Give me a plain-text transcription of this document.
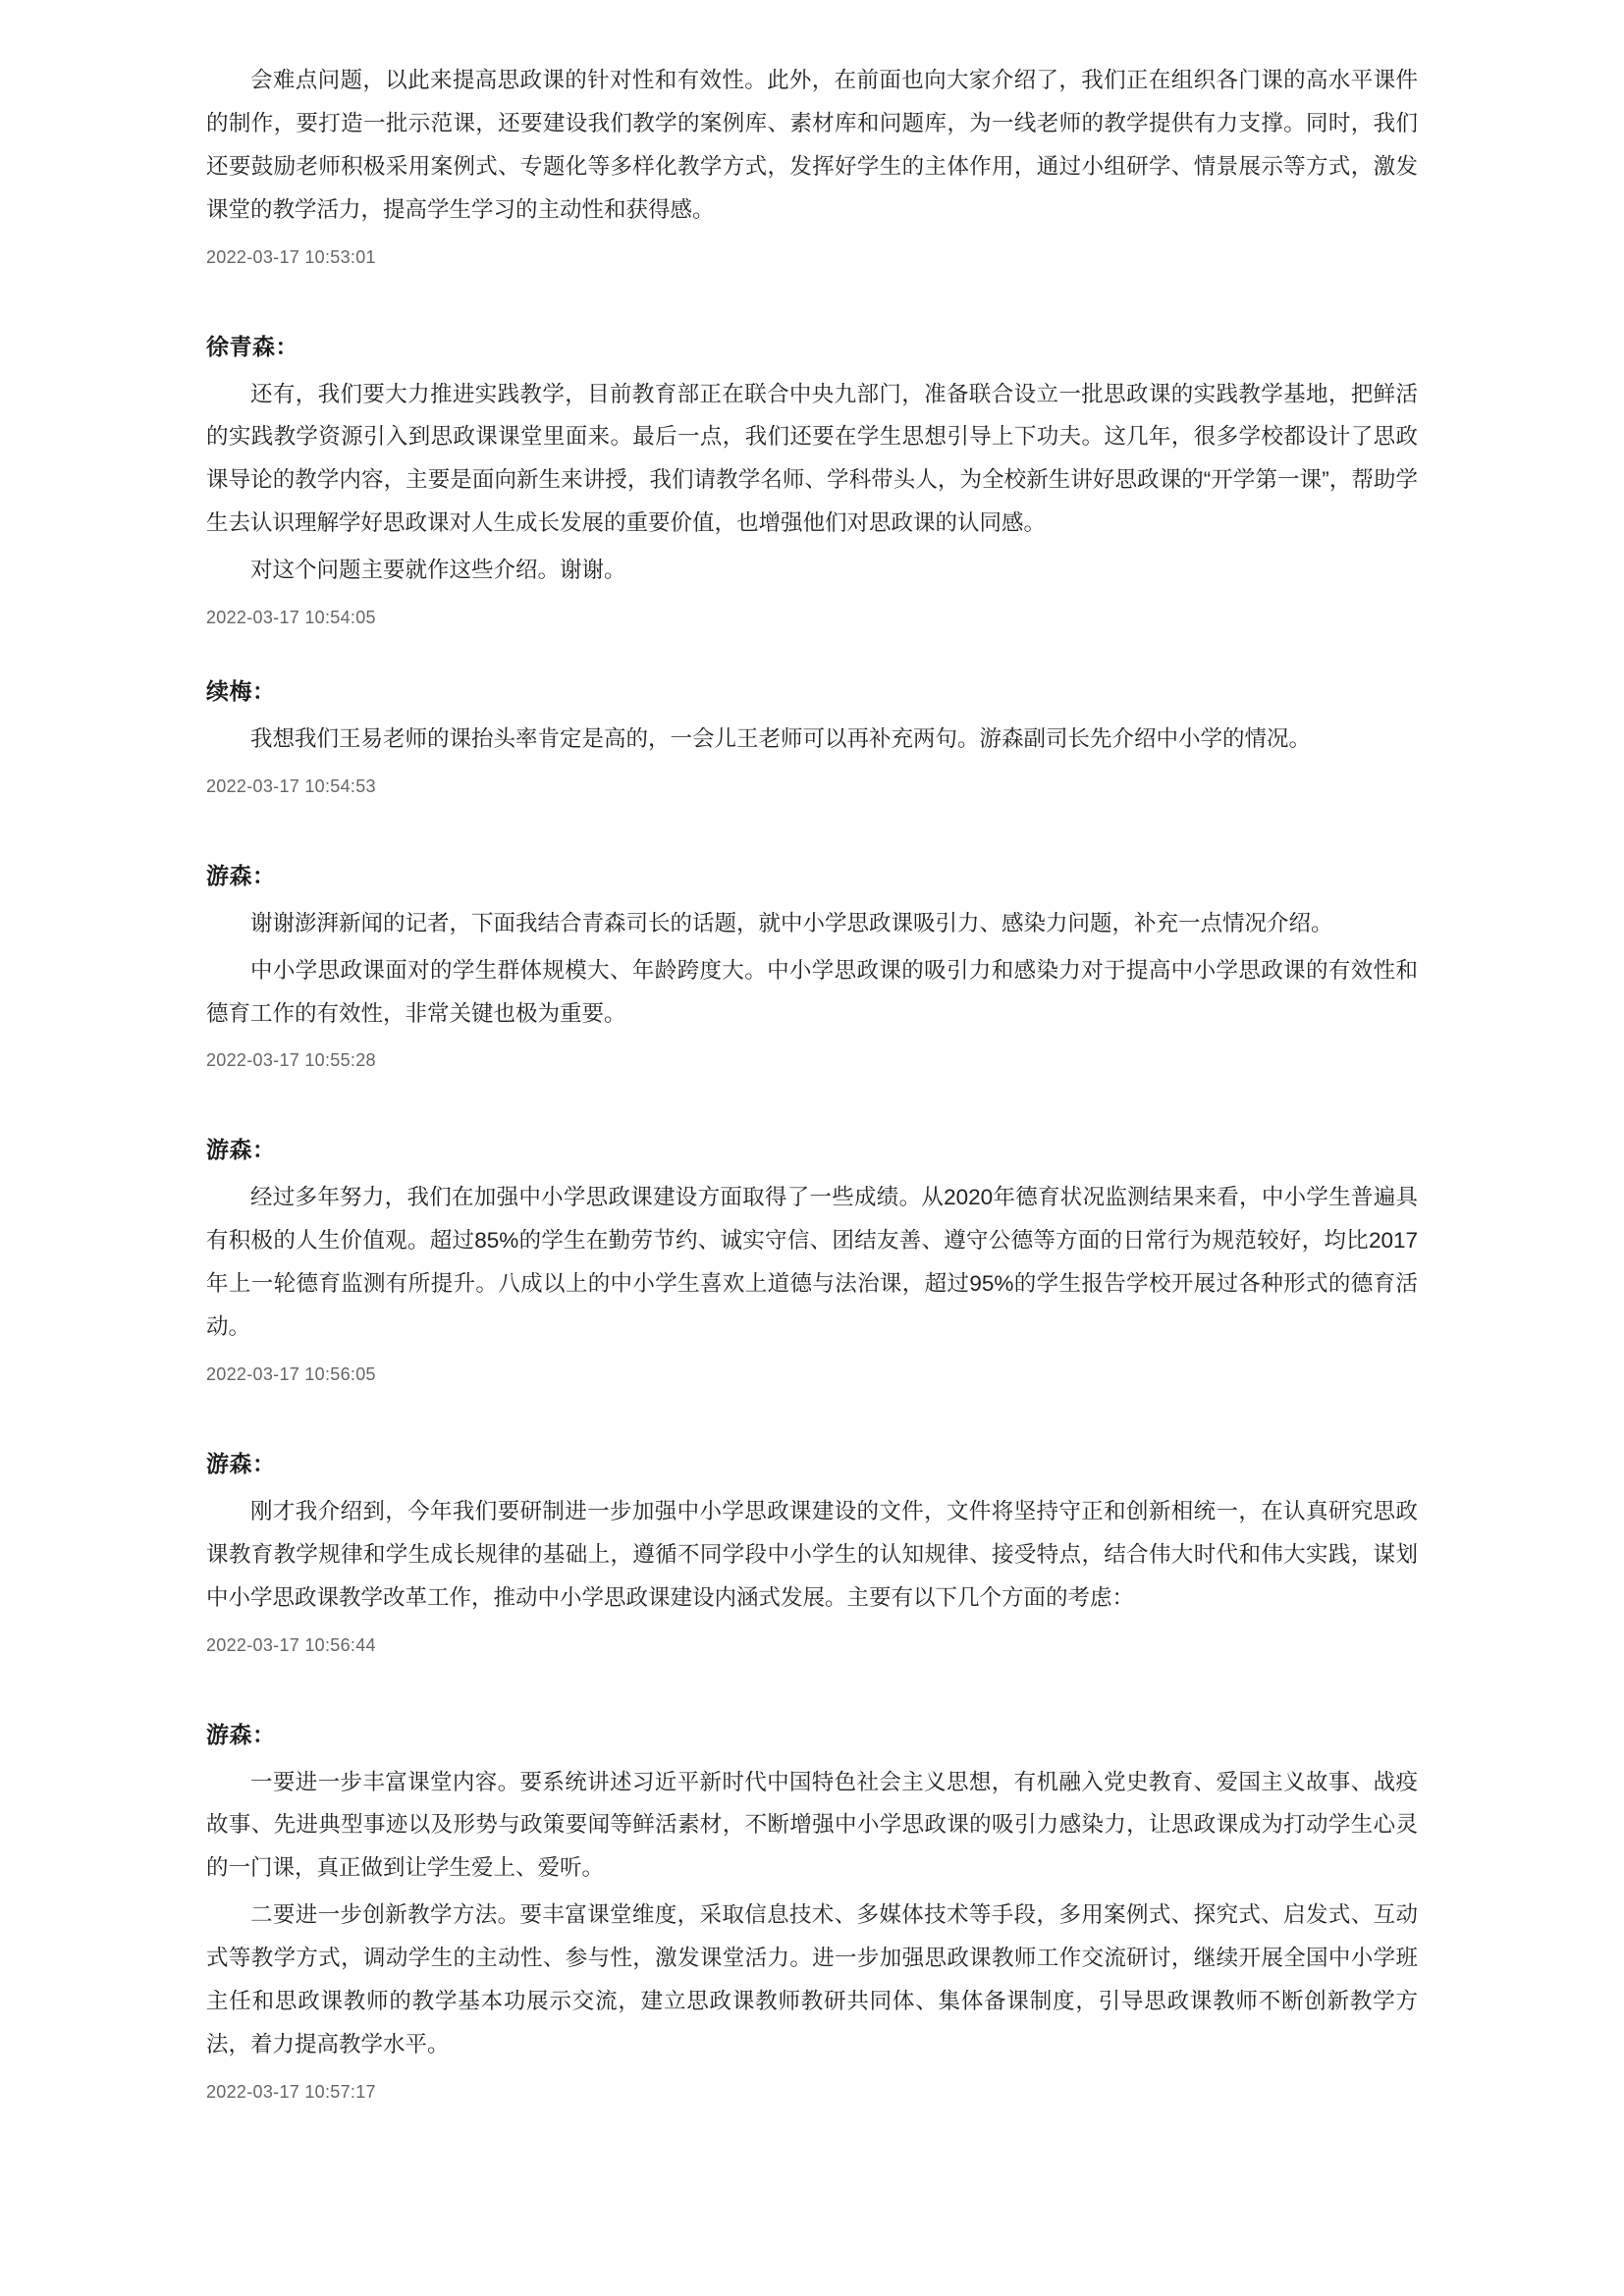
会难点问题，以此来提高思政课的针对性和有效性。此外，在前面也向大家介绍了，我们正在组织各门课的高水平课件的制作，要打造一批示范课，还要建设我们教学的案例库、素材库和问题库，为一线老师的教学提供有力支撑。同时，我们还要鼓励老师积极采用案例式、专题化等多样化教学方式，发挥好学生的主体作用，通过小组研学、情景展示等方式，激发课堂的教学活力，提高学生学习的主动性和获得感。

2022-03-17 10:53:01

徐青森：

还有，我们要大力推进实践教学，目前教育部正在联合中央九部门，准备联合设立一批思政课的实践教学基地，把鲜活的实践教学资源引入到思政课课堂里面来。最后一点，我们还要在学生思想引导上下功夫。这几年，很多学校都设计了思政课导论的教学内容，主要是面向新生来讲授，我们请教学名师、学科带头人，为全校新生讲好思政课的“开学第一课”，帮助学生去认识理解学好思政课对人生成长发展的重要价值，也增强他们对思政课的认同感。

对这个问题主要就作这些介绍。谢谢。

2022-03-17 10:54:05

续梅：

我想我们王易老师的课抬头率肯定是高的，一会儿王老师可以再补充两句。游森副司长先介绍中小学的情况。

2022-03-17 10:54:53

游森：

谢谢澎湃新闻的记者，下面我结合青森司长的话题，就中小学思政课吸引力、感染力问题，补充一点情况介绍。

中小学思政课面对的学生群体规模大、年龄跨度大。中小学思政课的吸引力和感染力对于提高中小学思政课的有效性和德育工作的有效性，非常关键也极为重要。

2022-03-17 10:55:28

游森：

经过多年努力，我们在加强中小学思政课建设方面取得了一些成绩。从2020年德育状况监测结果来看，中小学生普遍具有积极的人生价值观。超过85%的学生在勤劳节约、诚实守信、团结友善、遵守公德等方面的日常行为规范较好，均比2017年上一轮德育监测有所提升。八成以上的中小学生喜欢上道德与法治课，超过95%的学生报告学校开展过各种形式的德育活动。

2022-03-17 10:56:05

游森：

刚才我介绍到，今年我们要研制进一步加强中小学思政课建设的文件，文件将坚持守正和创新相统一，在认真研究思政课教育教学规律和学生成长规律的基础上，遵循不同学段中小学生的认知规律、接受特点，结合伟大时代和伟大实践，谋划中小学思政课教学改革工作，推动中小学思政课建设内涵式发展。主要有以下几个方面的考虑：

2022-03-17 10:56:44

游森：

一要进一步丰富课堂内容。要系统讲述习近平新时代中国特色社会主义思想，有机融入党史教育、爱国主义故事、战疫故事、先进典型事迹以及形势与政策要闻等鲜活素材，不断增强中小学思政课的吸引力感染力，让思政课成为打动学生心灵的一门课，真正做到让学生爱上、爱听。

二要进一步创新教学方法。要丰富课堂维度，采取信息技术、多媒体技术等手段，多用案例式、探究式、启发式、互动式等教学方式，调动学生的主动性、参与性，激发课堂活力。进一步加强思政课教师工作交流研讨，继续开展全国中小学班主任和思政课教师的教学基本功展示交流，建立思政课教师教研共同体、集体备课制度，引导思政课教师不断创新教学方法，着力提高教学水平。

2022-03-17 10:57:17
